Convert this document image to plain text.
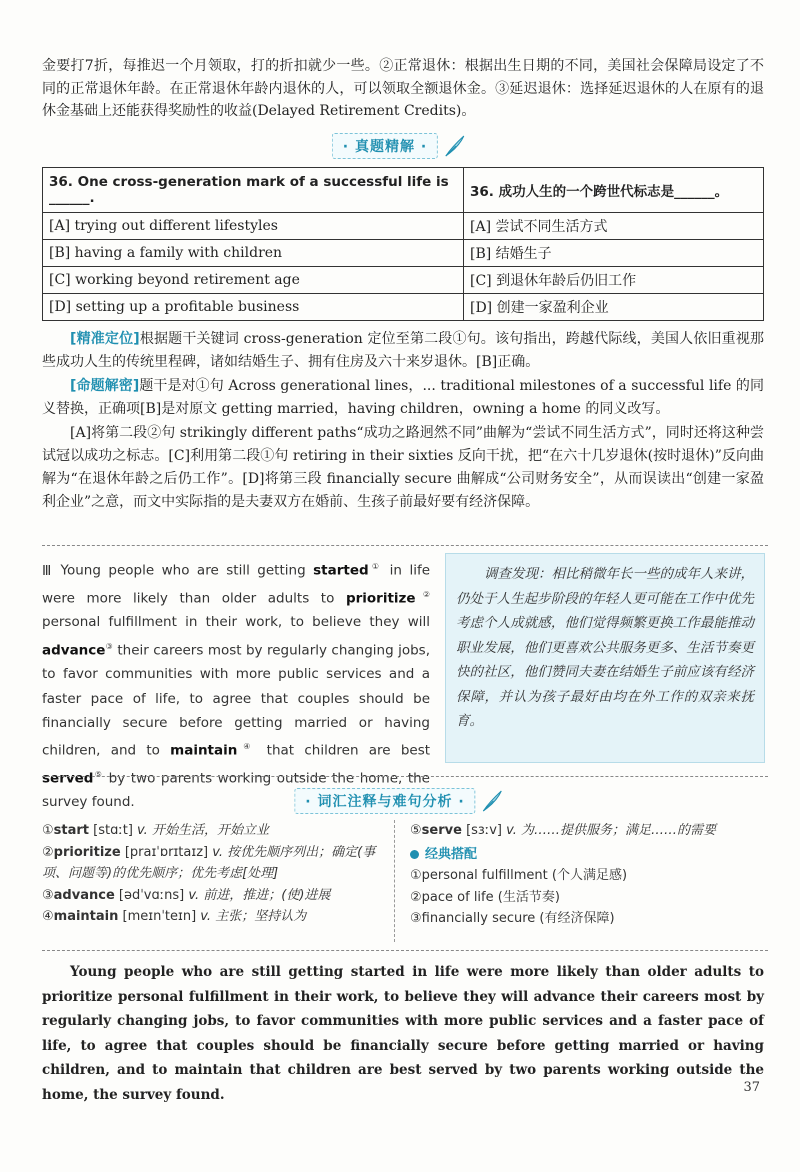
金要打7折，每推迟一个月领取，打的折扣就少一些。②正常退休：根据出生日期的不同，美国社会保障局设定了不同的正常退休年龄。在正常退休年龄内退休的人，可以领取全额退休金。③延迟退休：选择延迟退休的人在原有的退休金基础上还能获得奖励性的收益(Delayed Retirement Credits)。
· 真题精解 ·
36. One cross-generation mark of a successful life is ______.	36. 成功人生的一个跨世代标志是______。
[A] trying out different lifestyles	[A] 尝试不同生活方式
[B] having a family with children	[B] 结婚生子
[C] working beyond retirement age	[C] 到退休年龄后仍旧工作
[D] setting up a profitable business	[D] 创建一家盈利企业
[精准定位]根据题干关键词 cross-generation 定位至第二段①句。该句指出，跨越代际线，美国人依旧重视那些成功人生的传统里程碑，诸如结婚生子、拥有住房及六十来岁退休。[B]正确。
[命题解密]题干是对①句 Across generational lines，... traditional milestones of a successful life 的同义替换，正确项[B]是对原文 getting married，having children，owning a home 的同义改写。
[A]将第二段②句 strikingly different paths“成功之路迥然不同”曲解为“尝试不同生活方式”，同时还将这种尝试冠以成功之标志。[C]利用第二段①句 retiring in their sixties 反向干扰，把“在六十几岁退休(按时退休)”反向曲解为“在退休年龄之后仍工作”。[D]将第三段 financially secure 曲解成“公司财务安全”，从而误读出“创建一家盈利企业”之意，而文中实际指的是夫妻双方在婚前、生孩子前最好要有经济保障。
Ⅲ Young people who are still getting started① in life were more likely than older adults to prioritize② personal fulfillment in their work, to believe they will advance③ their careers most by regularly changing jobs, to favor communities with more public services and a faster pace of life, to agree that couples should be financially secure before getting married or having children, and to maintain④ that children are best served⑤ by two parents working outside the home, the survey found.
调查发现：相比稍微年长一些的成年人来讲，仍处于人生起步阶段的年轻人更可能在工作中优先考虑个人成就感，他们觉得频繁更换工作最能推动职业发展，他们更喜欢公共服务更多、生活节奏更快的社区，他们赞同夫妻在结婚生子前应该有经济保障，并认为孩子最好由均在外工作的双亲来抚育。
· 词汇注释与难句分析 ·
①start [stɑːt] v. 开始生活，开始立业
②prioritize [praɪˈɒrɪtaɪz] v. 按优先顺序列出；确定(事项、问题等)的优先顺序；优先考虑[处理]
③advance [ədˈvɑːns] v. 前进，推进；(使)进展
④maintain [meɪnˈteɪn] v. 主张；坚持认为
⑤serve [sɜːv] v. 为……提供服务；满足……的需要
经典搭配
①personal fulfillment (个人满足感)
②pace of life (生活节奏)
③financially secure (有经济保障)
Young people who are still getting started in life were more likely than older adults to prioritize personal fulfillment in their work, to believe they will advance their careers most by regularly changing jobs, to favor communities with more public services and a faster pace of life, to agree that couples should be financially secure before getting married or having children, and to maintain that children are best served by two parents working outside the home, the survey found.	37
